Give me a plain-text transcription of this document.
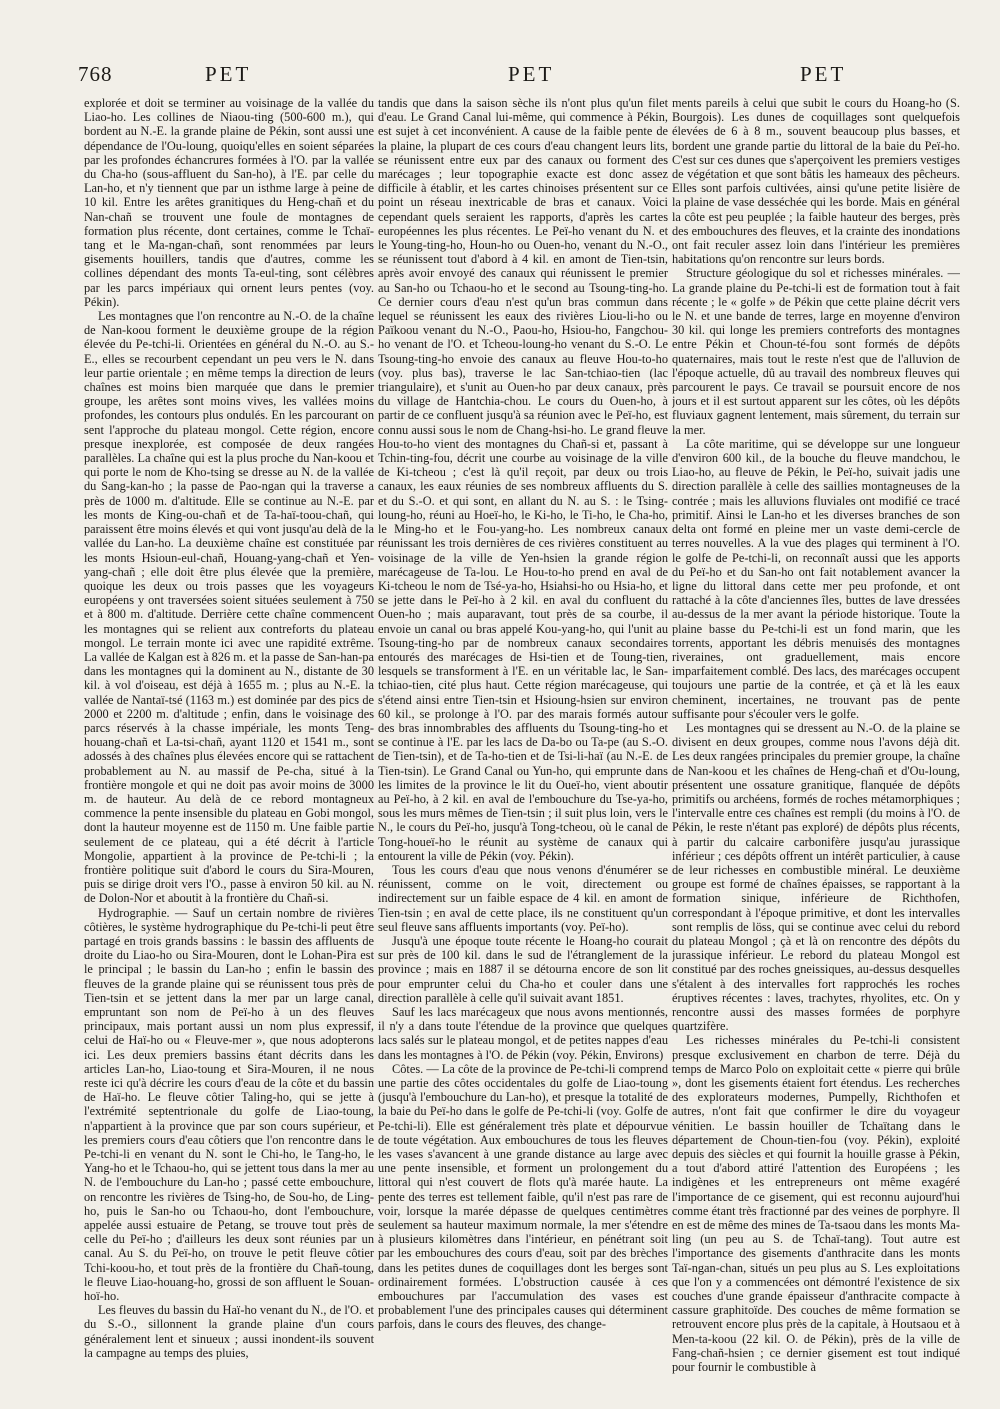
768	PET	PET	PET

explorée et doit se terminer au voisinage de la vallée du Liao-ho. Les collines de Niaou-ting (500-600 m.), qui bordent au N.-E. la grande plaine de Pékin, sont aussi une dépendance de l'Ou-loung, quoiqu'elles en soient séparées par les profondes échancrures formées à l'O. par la vallée du Cha-ho (sous-affluent du San-ho), à l'E. par celle du Lan-ho, et n'y tiennent que par un isthme large à peine de 10 kil. Entre les arêtes granitiques du Heng-chañ et du Nan-chañ se trouvent une foule de montagnes de formation plus récente, dont certaines, comme le Tchaï-tang et le Ma-ngan-chañ, sont renommées par leurs gisements houillers, tandis que d'autres, comme les collines dépendant des monts Ta-eul-ting, sont célèbres par les parcs impériaux qui ornent leurs pentes (voy. Pékin).

Les montagnes que l'on rencontre au N.-O. de la chaîne de Nan-koou forment le deuxième groupe de la région élevée du Pe-tchi-li. Orientées en général du N.-O. au S.-E., elles se recourbent cependant un peu vers le N. dans leur partie orientale ; en même temps la direction de leurs chaînes est moins bien marquée que dans le premier groupe, les arêtes sont moins vives, les vallées moins profondes, les contours plus ondulés. En les parcourant on sent l'approche du plateau mongol. Cette région, encore presque inexplorée, est composée de deux rangées parallèles. La chaîne qui est la plus proche du Nan-koou et qui porte le nom de Kho-tsing se dresse au N. de la vallée du Sang-kan-ho ; la passe de Pao-ngan qui la traverse a près de 1000 m. d'altitude. Elle se continue au N.-E. par les monts de King-ou-chañ et de Ta-haï-toou-chañ, qui paraissent être moins élevés et qui vont jusqu'au delà de la vallée du Lan-ho. La deuxième chaîne est constituée par les monts Hsioun-eul-chañ, Houang-yang-chañ et Yen-yang-chañ ; elle doit être plus élevée que la première, quoique les deux ou trois passes que les voyageurs européens y ont traversées soient situées seulement à 750 et à 800 m. d'altitude. Derrière cette chaîne commencent les montagnes qui se relient aux contreforts du plateau mongol. Le terrain monte ici avec une rapidité extrême. La vallée de Kalgan est à 826 m. et la passe de San-han-pa dans les montagnes qui la dominent au N., distante de 30 kil. à vol d'oiseau, est déjà à 1655 m. ; plus au N.-E. la vallée de Nantaï-tsé (1163 m.) est dominée par des pics de 2000 et 2200 m. d'altitude ; enfin, dans le voisinage des parcs réservés à la chasse impériale, les monts Teng-houang-chañ et La-tsi-chañ, ayant 1120 et 1541 m., sont adossés à des chaînes plus élevées encore qui se rattachent probablement au N. au massif de Pe-cha, situé à la frontière mongole et qui ne doit pas avoir moins de 3000 m. de hauteur. Au delà de ce rebord montagneux commence la pente insensible du plateau en Gobi mongol, dont la hauteur moyenne est de 1150 m. Une faible partie seulement de ce plateau, qui a été décrit à l'article Mongolie, appartient à la province de Pe-tchi-li ; la frontière politique suit d'abord le cours du Sira-Mouren, puis se dirige droit vers l'O., passe à environ 50 kil. au N. de Dolon-Nor et aboutit à la frontière du Chañ-si.

Hydrographie. — Sauf un certain nombre de rivières côtières, le système hydrographique du Pe-tchi-li peut être partagé en trois grands bassins : le bassin des affluents de droite du Liao-ho ou Sira-Mouren, dont le Lohan-Pira est le principal ; le bassin du Lan-ho ; enfin le bassin des fleuves de la grande plaine qui se réunissent tous près de Tien-tsin et se jettent dans la mer par un large canal, empruntant son nom de Peï-ho à un des fleuves principaux, mais portant aussi un nom plus expressif, celui de Haï-ho ou « Fleuve-mer », que nous adopterons ici. Les deux premiers bassins étant décrits dans les articles Lan-ho, Liao-toung et Sira-Mouren, il ne nous reste ici qu'à décrire les cours d'eau de la côte et du bassin de Haï-ho. Le fleuve côtier Taling-ho, qui se jette à l'extrémité septentrionale du golfe de Liao-toung, n'appartient à la province que par son cours supérieur, et les premiers cours d'eau côtiers que l'on rencontre dans le Pe-tchi-li en venant du N. sont le Chi-ho, le Tang-ho, le Yang-ho et le Tchaou-ho, qui se jettent tous dans la mer au N. de l'embouchure du Lan-ho ; passé cette embouchure, on rencontre les rivières de Tsing-ho, de Sou-ho, de Ling-ho, puis le San-ho ou Tchaou-ho, dont l'embouchure, appelée aussi estuaire de Petang, se trouve tout près de celle du Peï-ho ; d'ailleurs les deux sont réunies par un canal. Au S. du Peï-ho, on trouve le petit fleuve côtier Tchi-koou-ho, et tout près de la frontière du Chañ-toung, le fleuve Liao-houang-ho, grossi de son affluent le Souan-hoï-ho.

Les fleuves du bassin du Haï-ho venant du N., de l'O. et du S.-O., sillonnent la grande plaine d'un cours généralement lent et sinueux ; aussi inondent-ils souvent la campagne au temps des pluies,

tandis que dans la saison sèche ils n'ont plus qu'un filet d'eau. Le Grand Canal lui-même, qui commence à Pékin, est sujet à cet inconvénient. A cause de la faible pente de la plaine, la plupart de ces cours d'eau changent leurs lits, se réunissent entre eux par des canaux ou forment des marécages ; leur topographie exacte est donc assez difficile à établir, et les cartes chinoises présentent sur ce point un réseau inextricable de bras et canaux. Voici cependant quels seraient les rapports, d'après les cartes européennes les plus récentes. Le Peï-ho venant du N. et le Young-ting-ho, Houn-ho ou Ouen-ho, venant du N.-O., se réunissent tout d'abord à 4 kil. en amont de Tien-tsin, après avoir envoyé des canaux qui réunissent le premier au San-ho ou Tchaou-ho et le second au Tsoung-ting-ho. Ce dernier cours d'eau n'est qu'un bras commun dans lequel se réunissent les eaux des rivières Liou-li-ho ou Païkoou venant du N.-O., Paou-ho, Hsiou-ho, Fangchou-ho venant de l'O. et Tcheou-loung-ho venant du S.-O. Le Tsoung-ting-ho envoie des canaux au fleuve Hou-to-ho (voy. plus bas), traverse le lac San-tchiao-tien (lac triangulaire), et s'unit au Ouen-ho par deux canaux, près du village de Hantchia-chou. Le cours du Ouen-ho, à partir de ce confluent jusqu'à sa réunion avec le Peï-ho, est connu aussi sous le nom de Chang-hsi-ho. Le grand fleuve Hou-to-ho vient des montagnes du Chañ-si et, passant à Tchin-ting-fou, décrit une courbe au voisinage de la ville de Ki-tcheou ; c'est là qu'il reçoit, par deux ou trois canaux, les eaux réunies de ses nombreux affluents du S. et du S.-O. et qui sont, en allant du N. au S. : le Tsing-loung-ho, réuni au Hoeï-ho, le Ki-ho, le Ti-ho, le Cha-ho, le Ming-ho et le Fou-yang-ho. Les nombreux canaux réunissant les trois dernières de ces rivières constituent au voisinage de la ville de Yen-hsien la grande région marécageuse de Ta-lou. Le Hou-to-ho prend en aval de Ki-tcheou le nom de Tsé-ya-ho, Hsiahsi-ho ou Hsia-ho, et se jette dans le Peï-ho à 2 kil. en aval du confluent du Ouen-ho ; mais auparavant, tout près de sa courbe, il envoie un canal ou bras appelé Kou-yang-ho, qui l'unit au Tsoung-ting-ho par de nombreux canaux secondaires entourés des marécages de Hsi-tien et de Toung-tien, lesquels se transforment à l'E. en un véritable lac, le San-tchiao-tien, cité plus haut. Cette région marécageuse, qui s'étend ainsi entre Tien-tsin et Hsioung-hsien sur environ 60 kil., se prolonge à l'O. par des marais formés autour des bras innombrables des affluents du Tsoung-ting-ho et se continue à l'E. par les lacs de Da-bo ou Ta-pe (au S.-O. de Tien-tsin), et de Ta-ho-tien et de Tsi-li-haï (au N.-E. de Tien-tsin). Le Grand Canal ou Yun-ho, qui emprunte dans les limites de la province le lit du Oueï-ho, vient aboutir au Peï-ho, à 2 kil. en aval de l'embouchure du Tse-ya-ho, sous les murs mêmes de Tien-tsin ; il suit plus loin, vers le N., le cours du Peï-ho, jusqu'à Tong-tcheou, où le canal de Tong-houeï-ho le réunit au système de canaux qui entourent la ville de Pékin (voy. Pékin).

Tous les cours d'eau que nous venons d'énumérer se réunissent, comme on le voit, directement ou indirectement sur un faible espace de 4 kil. en amont de Tien-tsin ; en aval de cette place, ils ne constituent qu'un seul fleuve sans affluents importants (voy. Peï-ho).

Jusqu'à une époque toute récente le Hoang-ho courait sur près de 100 kil. dans le sud de l'étranglement de la province ; mais en 1887 il se détourna encore de son lit pour emprunter celui du Cha-ho et couler dans une direction parallèle à celle qu'il suivait avant 1851.

Sauf les lacs marécageux que nous avons mentionnés, il n'y a dans toute l'étendue de la province que quelques lacs salés sur le plateau mongol, et de petites nappes d'eau dans les montagnes à l'O. de Pékin (voy. Pékin, Environs)

Côtes. — La côte de la province de Pe-tchi-li comprend une partie des côtes occidentales du golfe de Liao-toung (jusqu'à l'embouchure du Lan-ho), et presque la totalité de la baie du Peï-ho dans le golfe de Pe-tchi-li (voy. Golfe de Pe-tchi-li). Elle est généralement très plate et dépourvue de toute végétation. Aux embouchures de tous les fleuves les vases s'avancent à une grande distance au large avec une pente insensible, et forment un prolongement du littoral qui n'est couvert de flots qu'à marée haute. La pente des terres est tellement faible, qu'il n'est pas rare de voir, lorsque la marée dépasse de quelques centimètres seulement sa hauteur maximum normale, la mer s'étendre à plusieurs kilomètres dans l'intérieur, en pénétrant soit par les embouchures des cours d'eau, soit par des brèches dans les petites dunes de coquillages dont les berges sont ordinairement formées. L'obstruction causée à ces embouchures par l'accumulation des vases est probablement l'une des principales causes qui déterminent parfois, dans le cours des fleuves, des change-

ments pareils à celui que subit le cours du Hoang-ho (S. Bourgois). Les dunes de coquillages sont quelquefois élevées de 6 à 8 m., souvent beaucoup plus basses, et bordent une grande partie du littoral de la baie du Peï-ho. C'est sur ces dunes que s'aperçoivent les premiers vestiges de végétation et que sont bâtis les hameaux des pêcheurs. Elles sont parfois cultivées, ainsi qu'une petite lisière de la plaine de vase desséchée qui les borde. Mais en général la côte est peu peuplée ; la faible hauteur des berges, près des embouchures des fleuves, et la crainte des inondations ont fait reculer assez loin dans l'intérieur les premières habitations qu'on rencontre sur leurs bords.

Structure géologique du sol et richesses minérales. — La grande plaine du Pe-tchi-li est de formation tout à fait récente ; le « golfe » de Pékin que cette plaine décrit vers le N. et une bande de terres, large en moyenne d'environ 30 kil. qui longe les premiers contreforts des montagnes entre Pékin et Choun-té-fou sont formés de dépôts quaternaires, mais tout le reste n'est que de l'alluvion de l'époque actuelle, dû au travail des nombreux fleuves qui parcourent le pays. Ce travail se poursuit encore de nos jours et il est surtout apparent sur les côtes, où les dépôts fluviaux gagnent lentement, mais sûrement, du terrain sur la mer.

La côte maritime, qui se développe sur une longueur d'environ 600 kil., de la bouche du fleuve mandchou, le Liao-ho, au fleuve de Pékin, le Peï-ho, suivait jadis une direction parallèle à celle des saillies montagneuses de la contrée ; mais les alluvions fluviales ont modifié ce tracé primitif. Ainsi le Lan-ho et les diverses branches de son delta ont formé en pleine mer un vaste demi-cercle de terres nouvelles. A la vue des plages qui terminent à l'O. le golfe de Pe-tchi-li, on reconnaît aussi que les apports du Peï-ho et du San-ho ont fait notablement avancer la ligne du littoral dans cette mer peu profonde, et ont rattaché à la côte d'anciennes îles, buttes de lave dressées au-dessus de la mer avant la période historique. Toute la plaine basse du Pe-tchi-li est un fond marin, que les torrents, apportant les débris menuisés des montagnes riveraines, ont graduellement, mais encore imparfaitement comblé. Des lacs, des marécages occupent toujours une partie de la contrée, et çà et là les eaux cheminent, incertaines, ne trouvant pas de pente suffisante pour s'écouler vers le golfe.

Les montagnes qui se dressent au N.-O. de la plaine se divisent en deux groupes, comme nous l'avons déjà dit. Les deux rangées principales du premier groupe, la chaîne de Nan-koou et les chaînes de Heng-chañ et d'Ou-loung, présentent une ossature granitique, flanquée de dépôts primitifs ou archéens, formés de roches métamorphiques ; l'intervalle entre ces chaînes est rempli (du moins à l'O. de Pékin, le reste n'étant pas exploré) de dépôts plus récents, à partir du calcaire carbonifère jusqu'au jurassique inférieur ; ces dépôts offrent un intérêt particulier, à cause de leur richesses en combustible minéral. Le deuxième groupe est formé de chaînes épaisses, se rapportant à la formation sinique, inférieure de Richthofen, correspondant à l'époque primitive, et dont les intervalles sont remplis de löss, qui se continue avec celui du rebord du plateau Mongol ; çà et là on rencontre des dépôts du jurassique inférieur. Le rebord du plateau Mongol est constitué par des roches gneissiques, au-dessus desquelles s'étalent à des intervalles fort rapprochés les roches éruptives récentes : laves, trachytes, rhyolites, etc. On y rencontre aussi des masses formées de porphyre quartzifère.

Les richesses minérales du Pe-tchi-li consistent presque exclusivement en charbon de terre. Déjà du temps de Marco Polo on exploitait cette « pierre qui brûle », dont les gisements étaient fort étendus. Les recherches des explorateurs modernes, Pumpelly, Richthofen et autres, n'ont fait que confirmer le dire du voyageur vénitien. Le bassin houiller de Tchaïtang dans le département de Choun-tien-fou (voy. Pékin), exploité depuis des siècles et qui fournit la houille grasse à Pékin, a tout d'abord attiré l'attention des Européens ; les indigènes et les entrepreneurs ont même exagéré l'importance de ce gisement, qui est reconnu aujourd'hui comme étant très fractionné par des veines de porphyre. Il en est de même des mines de Ta-tsaou dans les monts Ma-ling (un peu au S. de Tchaï-tang). Tout autre est l'importance des gisements d'anthracite dans les monts Taï-ngan-chan, situés un peu plus au S. Les exploitations que l'on y a commencées ont démontré l'existence de six couches d'une grande épaisseur d'anthracite compacte à cassure graphitoïde. Des couches de même formation se retrouvent encore plus près de la capitale, à Houtsaou et à Men-ta-koou (22 kil. O. de Pékin), près de la ville de Fang-chañ-hsien ; ce dernier gisement est tout indiqué pour fournir le combustible à
